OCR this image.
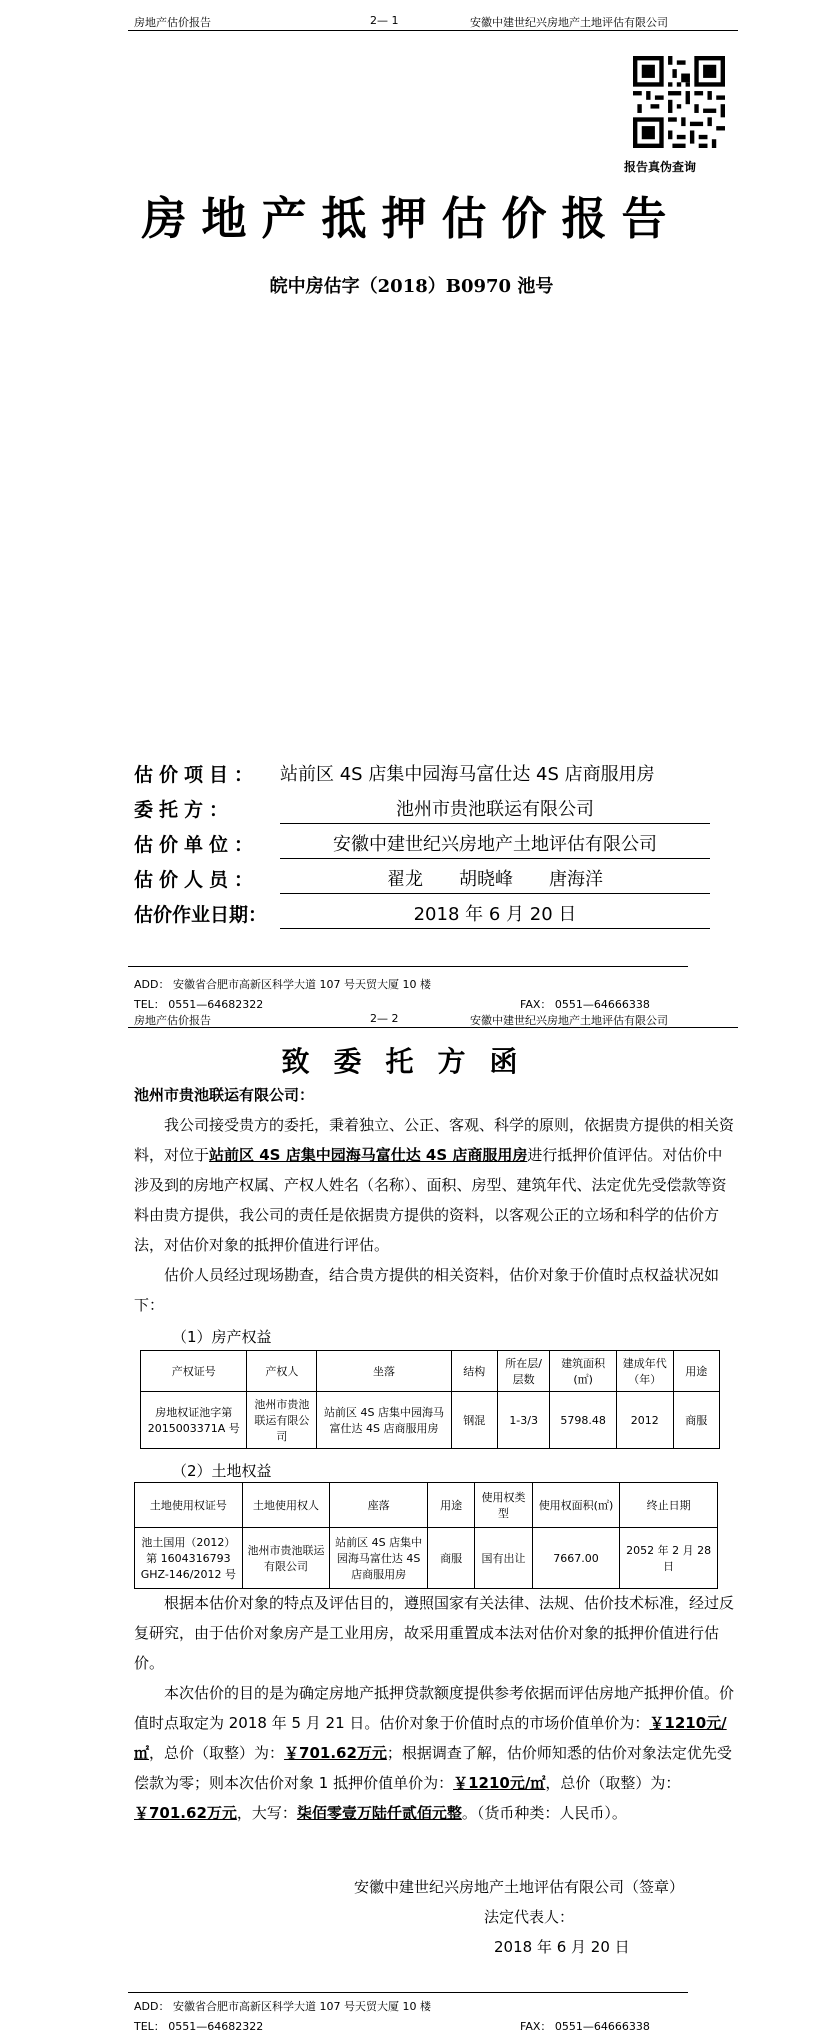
房地产估价报告	2— 1	安徽中建世纪兴房地产土地评估有限公司
报告真伪查询
房地产抵押估价报告
皖中房估字（2018）B0970 池号
估价项目： 站前区 4S 店集中园海马富仕达 4S 店商服用房
委托方：	池州市贵池联运有限公司
估价单位：	安徽中建世纪兴房地产土地评估有限公司
估价人员：	翟龙　　胡晓峰　　唐海洋
估价作业日期：	2018 年 6 月 20 日
ADD： 安徽省合肥市高新区科学大道 107 号天贸大厦 10 楼
TEL： 0551—64682322	FAX： 0551—64666338
房地产估价报告	2— 2	安徽中建世纪兴房地产土地评估有限公司
致委托方函
池州市贵池联运有限公司：
我公司接受贵方的委托，秉着独立、公正、客观、科学的原则，依据贵方提供的相关资料，对位于站前区 4S 店集中园海马富仕达 4S 店商服用房进行抵押价值评估。对估价中涉及到的房地产权属、产权人姓名（名称）、面积、房型、建筑年代、法定优先受偿款等资料由贵方提供，我公司的责任是依据贵方提供的资料，以客观公正的立场和科学的估价方法，对估价对象的抵押价值进行评估。
估价人员经过现场勘查，结合贵方提供的相关资料，估价对象于价值时点权益状况如下：
（1）房产权益
产权证号	产权人	坐落	结构	所在层/层数	建筑面积(㎡)	建成年代（年）	用途
房地权证池字第 2015003371A 号	池州市贵池联运有限公司	站前区 4S 店集中园海马富仕达 4S 店商服用房	钢混	1-3/3	5798.48	2012	商服
（2）土地权益
土地使用权证号	土地使用权人	座落	用途	使用权类型	使用权面积(㎡)	终止日期
池土国用（2012）第 1604316793 GHZ-146/2012 号	池州市贵池联运有限公司	站前区 4S 店集中园海马富仕达 4S 店商服用房	商服	国有出让	7667.00	2052 年 2 月 28 日
根据本估价对象的特点及评估目的，遵照国家有关法律、法规、估价技术标准，经过反复研究，由于估价对象房产是工业用房，故采用重置成本法对估价对象的抵押价值进行估价。
本次估价的目的是为确定房地产抵押贷款额度提供参考依据而评估房地产抵押价值。价值时点取定为 2018 年 5 月 21 日。估价对象于价值时点的市场价值单价为：￥1210元/㎡，总价（取整）为：￥701.62万元；根据调查了解，估价师知悉的估价对象法定优先受偿款为零；则本次估价对象 1 抵押价值单价为：￥1210元/㎡，总价（取整）为：￥701.62万元，大写：柒佰零壹万陆仟贰佰元整。（货币种类：人民币）。
安徽中建世纪兴房地产土地评估有限公司（签章）
法定代表人：
2018 年 6 月 20 日
ADD： 安徽省合肥市高新区科学大道 107 号天贸大厦 10 楼
TEL： 0551—64682322	FAX： 0551—64666338
